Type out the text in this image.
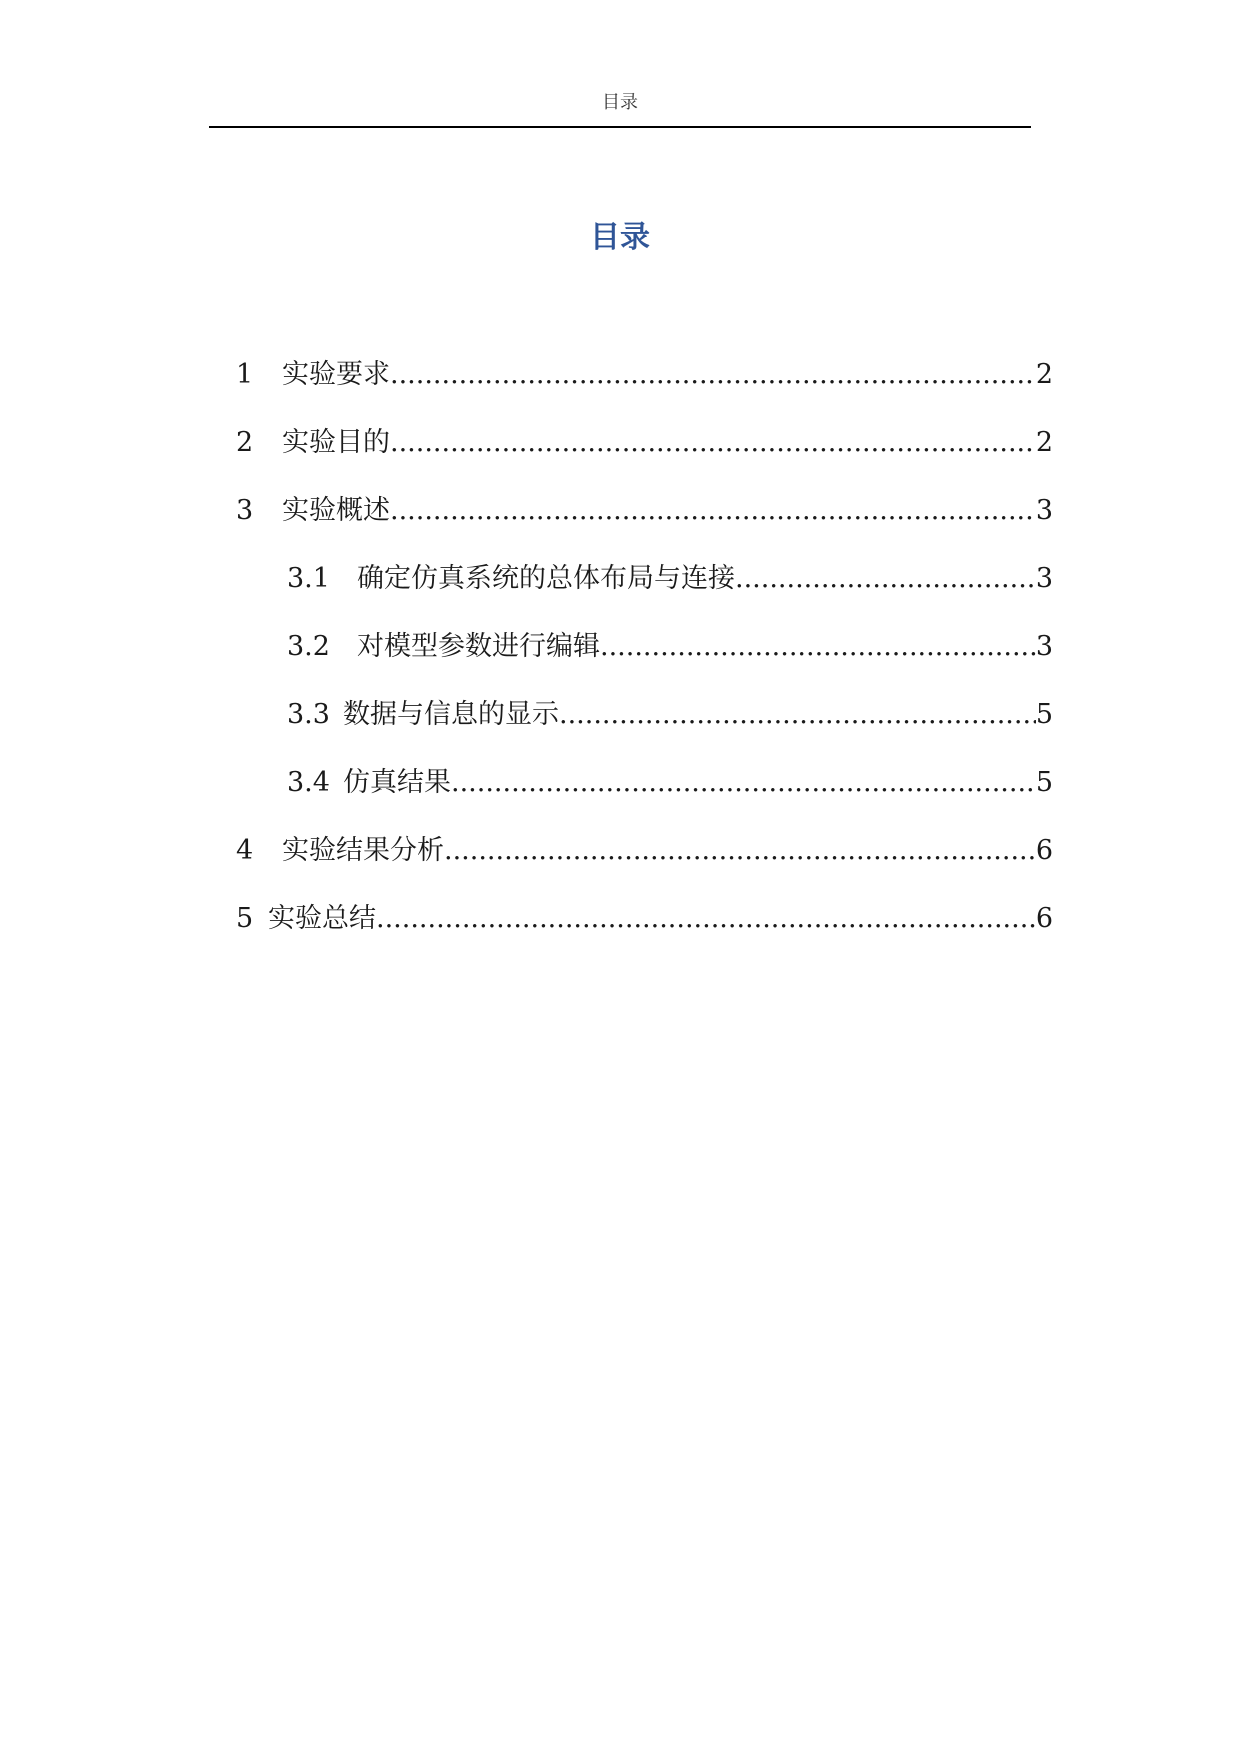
目录
目录
1	实验要求 .....	2
2	实验目的 .....	2
3	实验概述 .....	3
3.1	确定仿真系统的总体布局与连接 .....	3
3.2	对模型参数进行编辑 .....	3
3.3 数据与信息的显示 .....	5
3.4 仿真结果 .....	5
4	实验结果分析 .....	6
5 实验总结 .....	6
